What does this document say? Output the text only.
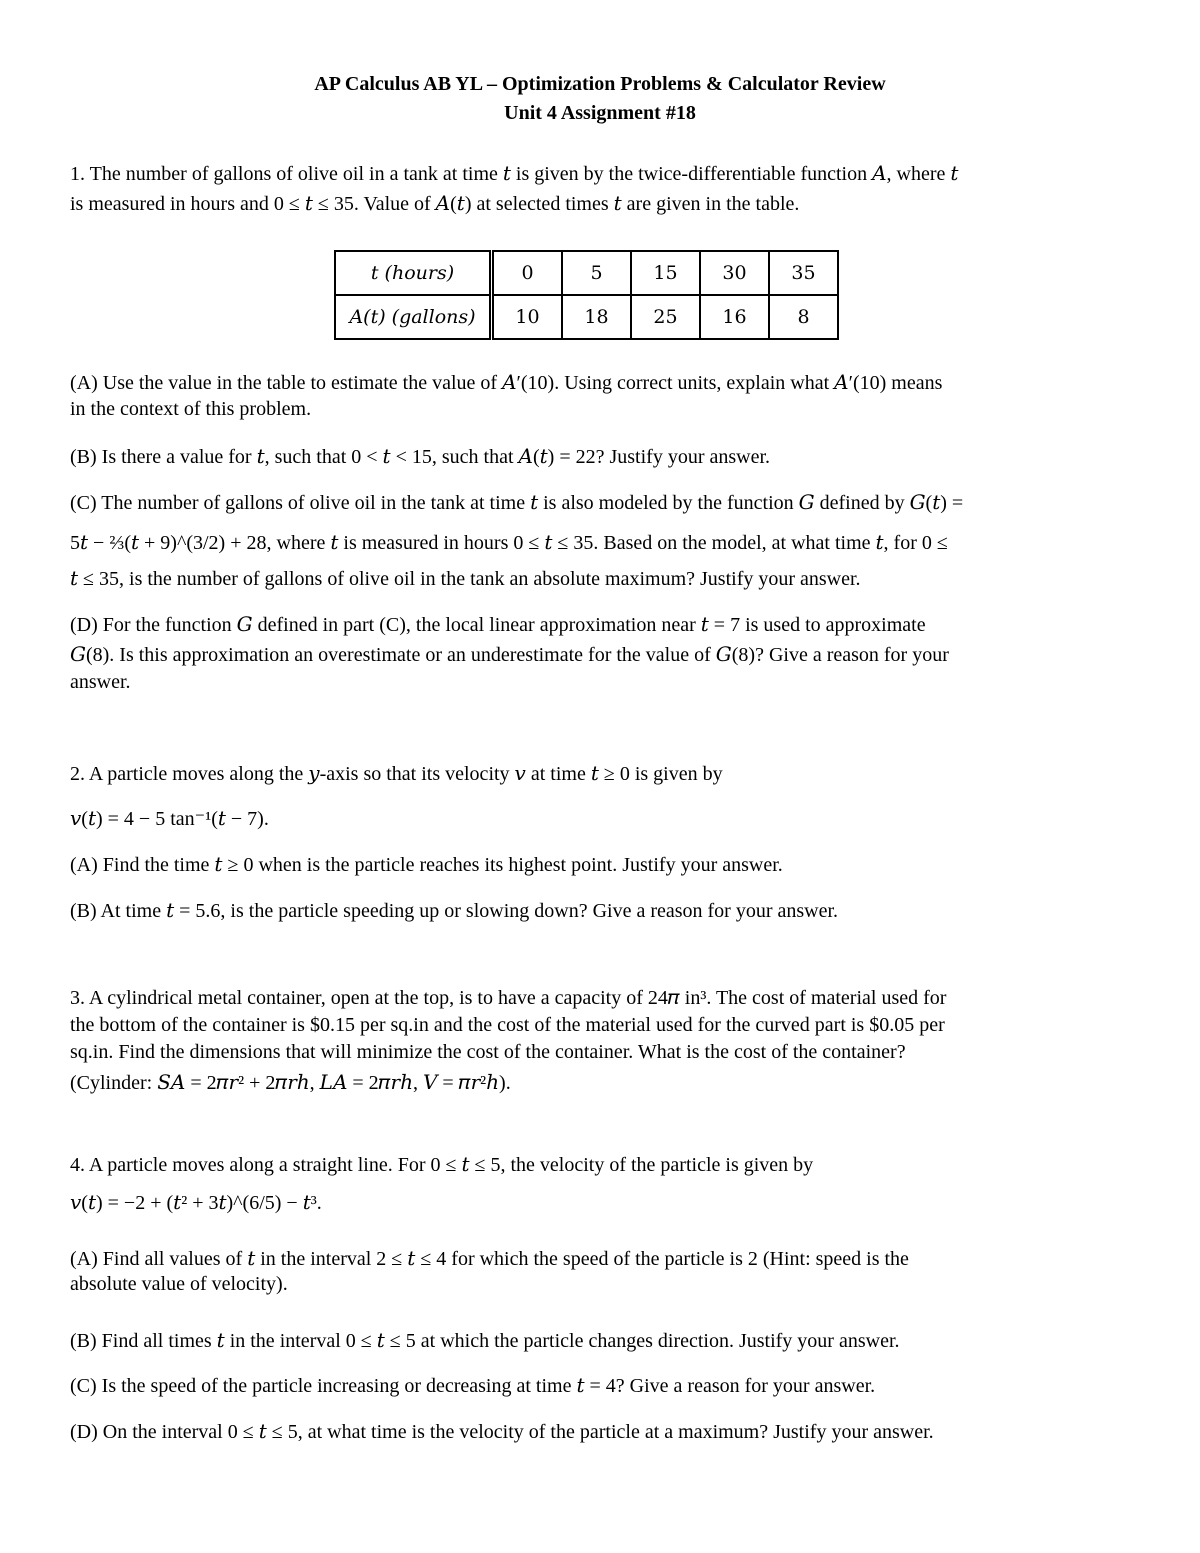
AP Calculus AB YL – Optimization Problems & Calculator Review
Unit 4 Assignment #18
1. The number of gallons of olive oil in a tank at time 𝑡 is given by the twice-differentiable function 𝐴, where 𝑡
is measured in hours and 0 ≤ 𝑡 ≤ 35. Value of 𝐴(𝑡) at selected times 𝑡 are given in the table.
t (hours)	0	5	15	30	35
A(t) (gallons)	10	18	25	16	8
(A) Use the value in the table to estimate the value of 𝐴′(10). Using correct units, explain what 𝐴′(10) means
in the context of this problem.
(B) Is there a value for 𝑡, such that 0 < 𝑡 < 15, such that 𝐴(𝑡) = 22? Justify your answer.
(C) The number of gallons of olive oil in the tank at time 𝑡 is also modeled by the function 𝐺 defined by 𝐺(𝑡) =
5𝑡 − ⅔(𝑡 + 9)^(3/2) + 28, where 𝑡 is measured in hours 0 ≤ 𝑡 ≤ 35. Based on the model, at what time 𝑡, for 0 ≤
𝑡 ≤ 35, is the number of gallons of olive oil in the tank an absolute maximum? Justify your answer.
(D) For the function 𝐺 defined in part (C), the local linear approximation near 𝑡 = 7 is used to approximate
𝐺(8). Is this approximation an overestimate or an underestimate for the value of 𝐺(8)? Give a reason for your
answer.
2. A particle moves along the 𝑦-axis so that its velocity 𝑣 at time 𝑡 ≥ 0 is given by
𝑣(𝑡) = 4 − 5 tan⁻¹(𝑡 − 7).
(A) Find the time 𝑡 ≥ 0 when is the particle reaches its highest point. Justify your answer.
(B) At time 𝑡 = 5.6, is the particle speeding up or slowing down? Give a reason for your answer.
3. A cylindrical metal container, open at the top, is to have a capacity of 24𝜋 in³. The cost of material used for
the bottom of the container is $0.15 per sq.in and the cost of the material used for the curved part is $0.05 per
sq.in. Find the dimensions that will minimize the cost of the container. What is the cost of the container?
(Cylinder: 𝑆𝐴 = 2𝜋𝑟² + 2𝜋𝑟ℎ, 𝐿𝐴 = 2𝜋𝑟ℎ, 𝑉 = 𝜋𝑟²ℎ).
4. A particle moves along a straight line. For 0 ≤ 𝑡 ≤ 5, the velocity of the particle is given by
𝑣(𝑡) = −2 + (𝑡² + 3𝑡)^(6/5) − 𝑡³.
(A) Find all values of 𝑡 in the interval 2 ≤ 𝑡 ≤ 4 for which the speed of the particle is 2 (Hint: speed is the
absolute value of velocity).
(B) Find all times 𝑡 in the interval 0 ≤ 𝑡 ≤ 5 at which the particle changes direction. Justify your answer.
(C) Is the speed of the particle increasing or decreasing at time 𝑡 = 4? Give a reason for your answer.
(D) On the interval 0 ≤ 𝑡 ≤ 5, at what time is the velocity of the particle at a maximum? Justify your answer.
